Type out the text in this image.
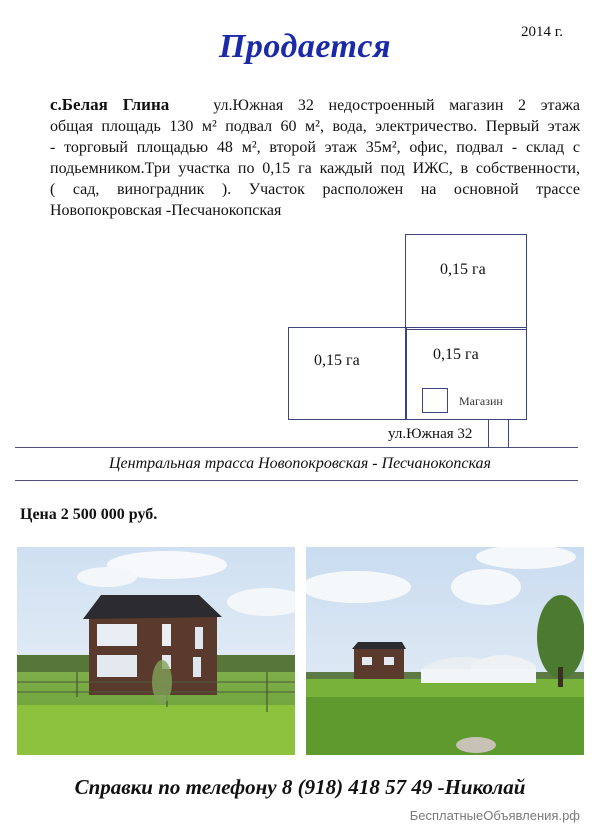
2014 г.
Продается
с.Белая Глина	ул.Южная 32 недостроенный магазин 2 этажа
общая площадь 130 м² подвал 60 м², вода, электричество. Первый этаж
- торговый площадью 48 м², второй этаж 35м², офис, подвал - склад с
подьемником.Три участка по 0,15 га каждый под ИЖС, в собственности,
( сад, виноградник ). Участок расположен на основной трассе
Новопокровская -Песчанокопская
0,15 га
0,15 га	0,15 га
Магазин
ул.Южная 32
Центральная трасса Новопокровская - Песчанокопская
Цена 2 500 000 руб.
Справки по телефону 8 (918) 418 57 49 -Николай
БесплатныеОбъявления.рф
